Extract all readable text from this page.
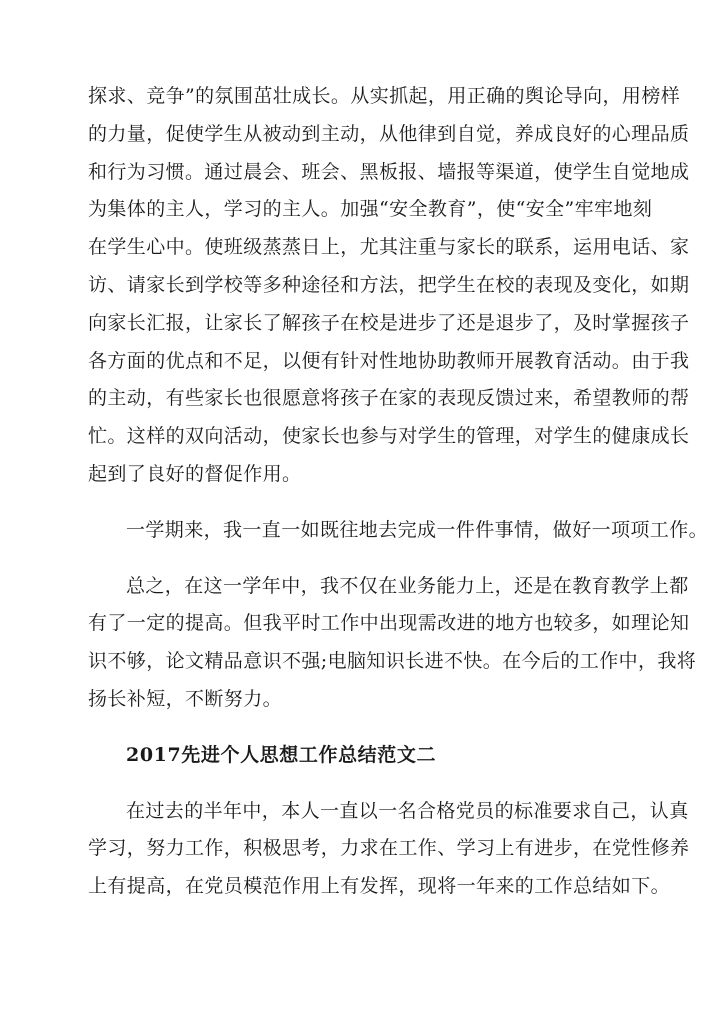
探求、竞争”的氛围茁壮成长。从实抓起，用正确的舆论导向，用榜样
的力量，促使学生从被动到主动，从他律到自觉，养成良好的心理品质
和行为习惯。通过晨会、班会、黑板报、墙报等渠道，使学生自觉地成
为集体的主人，学习的主人。加强“安全教育”，使“安全”牢牢地刻
在学生心中。使班级蒸蒸日上，尤其注重与家长的联系，运用电话、家
访、请家长到学校等多种途径和方法，把学生在校的表现及变化，如期
向家长汇报，让家长了解孩子在校是进步了还是退步了，及时掌握孩子
各方面的优点和不足，以便有针对性地协助教师开展教育活动。由于我
的主动，有些家长也很愿意将孩子在家的表现反馈过来，希望教师的帮
忙。这样的双向活动，使家长也参与对学生的管理，对学生的健康成长
起到了良好的督促作用。
一学期来，我一直一如既往地去完成一件件事情，做好一项项工作。
总之，在这一学年中，我不仅在业务能力上，还是在教育教学上都
有了一定的提高。但我平时工作中出现需改进的地方也较多，如理论知
识不够，论文精品意识不强;电脑知识长进不快。在今后的工作中，我将
扬长补短，不断努力。
2017先进个人思想工作总结范文二
在过去的半年中，本人一直以一名合格党员的标准要求自己，认真
学习，努力工作，积极思考，力求在工作、学习上有进步，在党性修养
上有提高，在党员模范作用上有发挥，现将一年来的工作总结如下。
